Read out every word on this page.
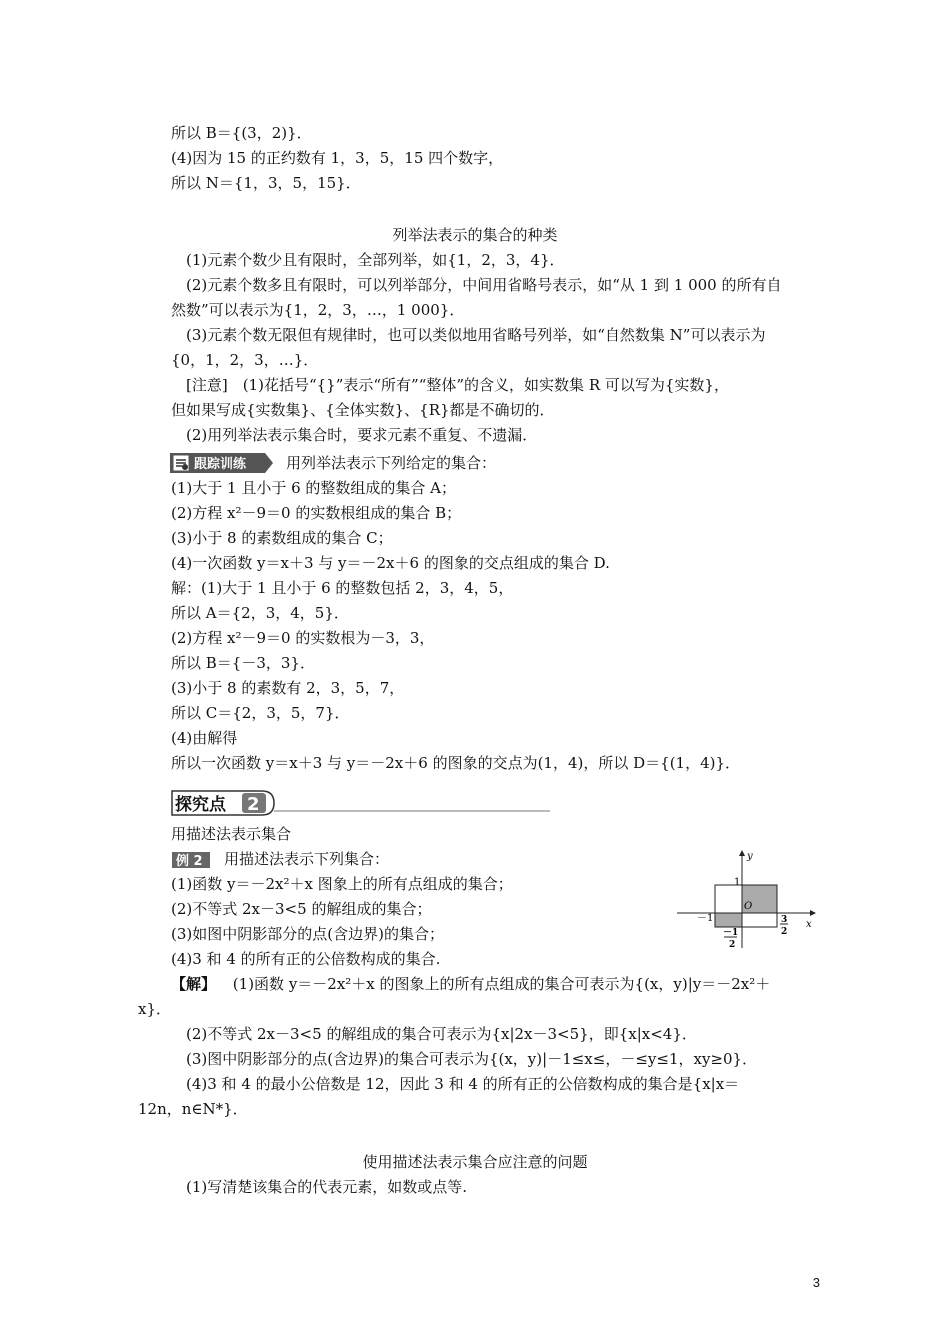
所以 B＝{(3，2)}．
(4)因为 15 的正约数有 1，3，5，15 四个数字，
所以 N＝{1，3，5，15}．
列举法表示的集合的种类
(1)元素个数少且有限时，全部列举，如{1，2，3，4}．
(2)元素个数多且有限时，可以列举部分，中间用省略号表示，如“从 1 到 1 000 的所有自
然数”可以表示为{1，2，3，…，1 000}．
(3)元素个数无限但有规律时，也可以类似地用省略号列举，如“自然数集 N”可以表示为
{0，1，2，3，…}．
[注意]　(1)花括号“{}”表示“所有”“整体”的含义，如实数集 R 可以写为{实数}，
但如果写成{实数集}、{全体实数}、{R}都是不确切的．
(2)用列举法表示集合时，要求元素不重复、不遗漏．
跟踪训练	用列举法表示下列给定的集合：
(1)大于 1 且小于 6 的整数组成的集合 A；
(2)方程 x²－9＝0 的实数根组成的集合 B；
(3)小于 8 的素数组成的集合 C；
(4)一次函数 y＝x＋3 与 y＝－2x＋6 的图象的交点组成的集合 D.
解：(1)大于 1 且小于 6 的整数包括 2，3，4，5，
所以 A＝{2，3，4，5}．
(2)方程 x²－9＝0 的实数根为－3，3，
所以 B＝{－3，3}．
(3)小于 8 的素数有 2，3，5，7，
所以 C＝{2，3，5，7}．
(4)由解得
所以一次函数 y＝x＋3 与 y＝－2x＋6 的图象的交点为(1，4)，所以 D＝{(1，4)}．
探究点 2
用描述法表示集合
例 2 用描述法表示下列集合：
(1)函数 y＝－2x²＋x 图象上的所有点组成的集合；
(2)不等式 2x－3<5 的解组成的集合；
(3)如图中阴影部分的点(含边界)的集合；
(4)3 和 4 的所有正的公倍数构成的集合.
y
x
1
O
－1	3
2
－1
2
【解】 (1)函数 y＝－2x²＋x 的图象上的所有点组成的集合可表示为{(x，y)|y＝－2x²＋
x}．
(2)不等式 2x－3<5 的解组成的集合可表示为{x|2x－3<5}，即{x|x<4}．
(3)图中阴影部分的点(含边界)的集合可表示为{(x，y)|－1≤x≤，－≤y≤1，xy≥0}．
(4)3 和 4 的最小公倍数是 12，因此 3 和 4 的所有正的公倍数构成的集合是{x|x＝
12n，n∈N*}．
使用描述法表示集合应注意的问题
(1)写清楚该集合的代表元素，如数或点等.
3
